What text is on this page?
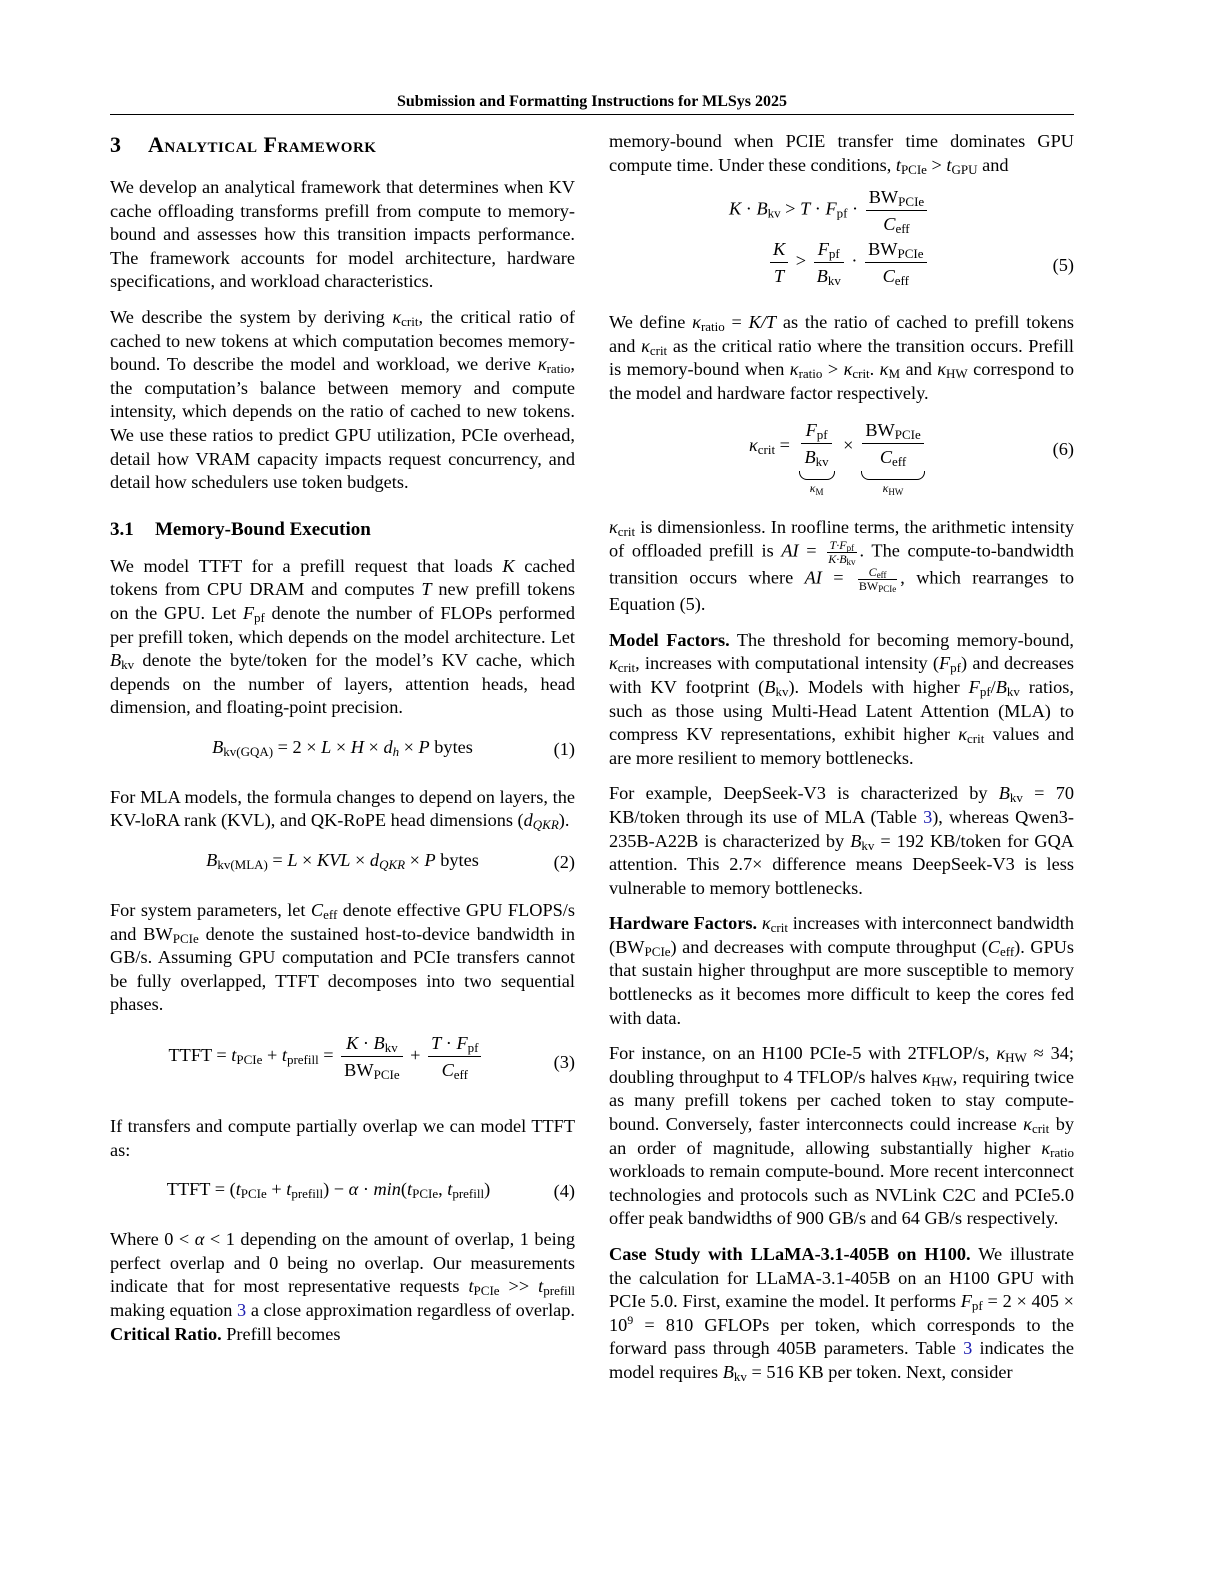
Submission and Formatting Instructions for MLSys 2025
3 Analytical Framework

We develop an analytical framework that determines when KV cache offloading transforms prefill from compute to memory-bound and assesses how this transition impacts performance. The framework accounts for model architecture, hardware specifications, and workload characteristics.

We describe the system by deriving $\kappa_{crit}$, the critical ratio of cached to new tokens at which computation becomes memory-bound. To describe the model and workload, we derive $\kappa_{ratio}$, the computation’s balance between memory and compute intensity, which depends on the ratio of cached to new tokens. We use these ratios to predict GPU utilization, PCIe overhead, detail how VRAM capacity impacts request concurrency, and detail how schedulers use token budgets.

3.1 Memory-Bound Execution

We model TTFT for a prefill request that loads K cached tokens from CPU DRAM and computes T new prefill tokens on the GPU. Let $F_{pf}$ denote the number of FLOPs performed per prefill token, which depends on the model architecture. Let $B_{kv}$ denote the byte/token for the model’s KV cache, which depends on the number of layers, attention heads, head dimension, and floating-point precision.

$B_{kv(GQA)} = 2 \times L \times H \times d_h \times P$ bytes	(1)

For MLA models, the formula changes to depend on layers, the KV-loRA rank (KVL), and QK-RoPE head dimensions $(d_{QKR})$.

$B_{kv(MLA)} = L$ × KVL × $d_{QKR} \times P$ bytes	(2)

For system parameters, let $C_{eff}$ denote effective GPU FLOPS/s and $BW_{PCIe}$ denote the sustained host-to-device bandwidth in GB/s. Assuming GPU computation and PCIe transfers cannot be fully overlapped, TTFT decomposes into two sequential phases.

TTFT = $t_{PCIe} + t_{prefill} = \frac{K \cdot B_{kv}}{BW_{PCIe}} + \frac{T \cdot F_{pf}}{C_{eff}}$	(3)

If transfers and compute partially overlap we can model TTFT as:

TTFT = $(t_{PCIe} + t_{prefill}) - \alpha \cdot \min(t_{PCIe}$, $t_{prefill}$)	(4)

Where 0 < α < 1 depending on the amount of overlap, 1 being perfect overlap and 0 being no overlap. Our measurements indicate that for most representative requests $t_{PCIe} >> t_{prefill}$ making equation 3 a close approximation regardless of overlap. Critical Ratio. Prefill becomes

memory-bound when PCIE transfer time dominates GPU compute time. Under these conditions, $t_{PCIe} > t_{GPU}$ and

$K \cdot B_{kv} > T \cdot F_{pf} \cdot \frac{BW_{PCIe}}{C_{eff}}$
$\frac{K}{T} > \frac{F_{pf}}{B_{kv}} \cdot \frac{BW_{PCIe}}{C_{eff}}$	(5)

We define $\kappa_{ratio} = K/T$ as the ratio of cached to prefill tokens and $\kappa_{crit}$ as the critical ratio where the transition occurs. Prefill is memory-bound when $\kappa_{ratio} > \kappa_{crit}$. $\kappa_M$ and $\kappa_{HW}$ correspond to the model and hardware factor respectively.

$\kappa_{crit} = \frac{F_{pf}}{B_{kv}}$
$\kappa_M$
× $\frac{BW_{PCIe}}{C_{eff}}$
$\kappa_{HW}$
(6)

$\kappa_{crit}$ is dimensionless. In roofline terms, the arithmetic intensity of offloaded prefill is AI = $\frac{T\cdot F_{pf}}{K\cdot B_{kv}}$ . The compute-to-bandwidth transition occurs where AI = $\frac{C_{eff}}{BW_{PCIe}}$ , which rearranges to Equation (5).

Model Factors. The threshold for becoming memory-bound, $\kappa_{crit}$, increases with computational intensity $(F_{pf})$ and decreases with KV footprint $(B_{kv})$. Models with higher $F_{pf}/B_{kv}$ ratios, such as those using Multi-Head Latent Attention (MLA) to compress KV representations, exhibit higher $\kappa_{crit}$ values and are more resilient to memory bottlenecks.

For example, DeepSeek-V3 is characterized by $B_{kv} = 70$ KB/token through its use of MLA (Table 3), whereas Qwen3-235B-A22B is characterized by $B_{kv} = 192$ KB/token for GQA attention. This 2.7× difference means DeepSeek-V3 is less vulnerable to memory bottlenecks.

Hardware Factors. $\kappa_{crit}$ increases with interconnect bandwidth $(BW_{PCIe})$ and decreases with compute throughput $(C_{eff})$. GPUs that sustain higher throughput are more susceptible to memory bottlenecks as it becomes more difficult to keep the cores fed with data.

For instance, on an H100 PCIe-5 with 2TFLOP/s, $\kappa_{HW} \approx 34$; doubling throughput to 4 TFLOP/s halves $\kappa_{HW}$, requiring twice as many prefill tokens per cached token to stay compute-bound. Conversely, faster interconnects could increase $\kappa_{crit}$ by an order of magnitude, allowing substantially higher $\kappa_{ratio}$ workloads to remain compute-bound. More recent interconnect technologies and protocols such as NVLink C2C and PCIe5.0 offer peak bandwidths of 900 GB/s and 64 GB/s respectively.

Case Study with LLaMA-3.1-405B on H100. We illustrate the calculation for LLaMA-3.1-405B on an H100 GPU with PCIe 5.0. First, examine the model. It performs $F_{pf} = 2 \times 405 \times 10^9 = 810$ GFLOPs per token, which corresponds to the forward pass through 405B parameters. Table 3 indicates the model requires $B_{kv} = 516$ KB per token. Next, consider
